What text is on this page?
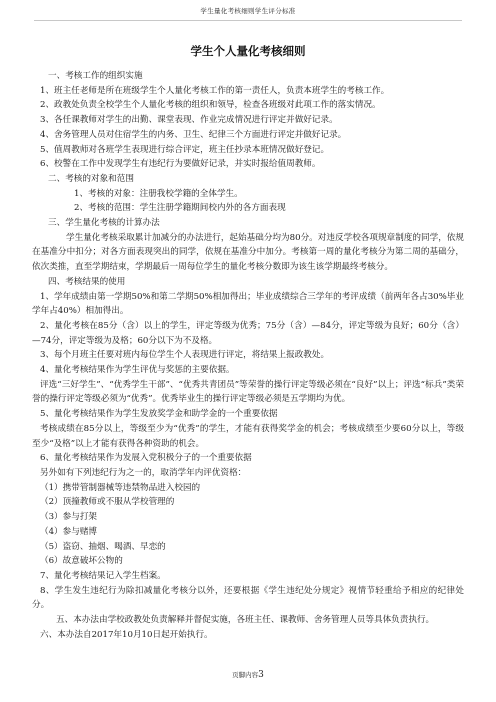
学生量化考核细则学生评分标准
学生个人量化考核细则

一、考核工作的组织实施

1、班主任老师是所在班级学生个人量化考核工作的第一责任人，负责本班学生的考核工作。

2、政教处负责全校学生个人量化考核的组织和领导，检查各班级对此项工作的落实情况。

3、各任课教师对学生的出勤、课堂表现、作业完成情况进行评定并做好记录。

4、舍务管理人员对住宿学生的内务、卫生、纪律三个方面进行评定并做好记录。

5、值周教师对各班学生表现进行综合评定，班主任抄录本班情况做好登记。

6、校警在工作中发现学生有违纪行为要做好记录，并实时报给值周教师。

二、考核的对象和范围

1、考核的对象：注册我校学籍的全体学生。

2、考核的范围：学生注册学籍期间校内外的各方面表现

三、学生量化考核的计算办法

学生量化考核采取累计加减分的办法进行，起始基础分均为80分。对违反学校各项规章制度的同学，依规在基准分中扣分；对各方面表现突出的同学，依规在基准分中加分。考核第一周的量化考核分为第二周的基础分，依次类推，直至学期结束，学期最后一周每位学生的量化考核分数即为该生该学期最终考核分。

四、考核结果的使用

1、学年成绩由第一学期50%和第二学期50%相加得出；毕业成绩综合三学年的考评成绩（前两年各占30%毕业学年占40%）相加得出。

2、量化考核在85分（含）以上的学生，评定等级为优秀；75分（含）—84分，评定等级为良好；60分（含）—74分，评定等级为及格；60分以下为不及格。

3、每个月班主任要对班内每位学生个人表现进行评定，将结果上报政教处。

4、量化考核结果作为学生评优与奖惩的主要依据。

评选“三好学生”、“优秀学生干部”、“优秀共青团员”等荣誉的操行评定等级必须在“良好”以上；评选“标兵”类荣誉的操行评定等级必须为“优秀”。优秀毕业生的操行评定等级必须是五学期均为优。

5、量化考核结果作为学生发放奖学金和助学金的一个重要依据

考核成绩在85分以上，等级至少为“优秀”的学生，才能有获得奖学金的机会；考核成绩至少要60分以上，等级至少“及格”以上才能有获得各种资助的机会。

6、量化考核结果作为发展入党积极分子的一个重要依据

另外如有下列违纪行为之一的，取消学年内评优资格：

（1）携带管制器械等违禁物品进入校园的

（2）顶撞教师或不服从学校管理的

（3）参与打架

（4）参与赌博

（5）盗窃、抽烟、喝酒、早恋的

（6）故意破坏公物的

7、量化考核结果记入学生档案。

8、学生发生违纪行为除扣减量化考核分以外，还要根据《学生违纪处分规定》视情节轻重给予相应的纪律处分。

五、本办法由学校政教处负责解释并督促实施，各班主任、课教师、舍务管理人员等具体负责执行。

六、本办法自2017年10月10日起开始执行。

页脚内容3
